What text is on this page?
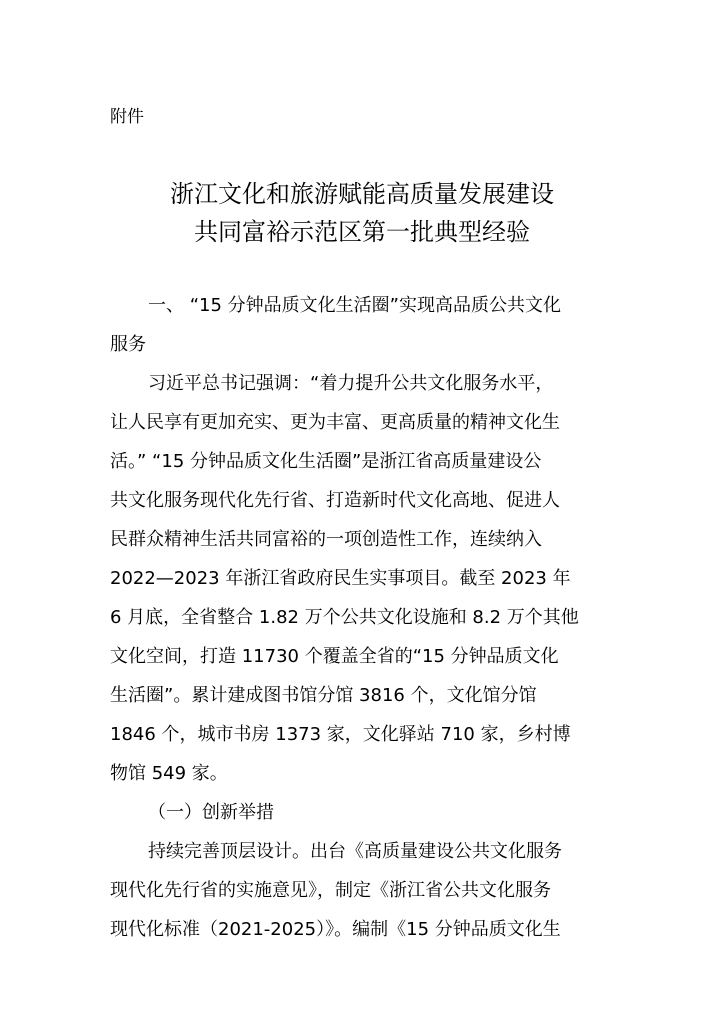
附件
浙江文化和旅游赋能高质量发展建设
共同富裕示范区第一批典型经验
一、 “15 分钟品质文化生活圈”实现高品质公共文化
服务
习近平总书记强调：“着力提升公共文化服务水平，
让人民享有更加充实、更为丰富、更高质量的精神文化生
活。” “15 分钟品质文化生活圈”是浙江省高质量建设公
共文化服务现代化先行省、打造新时代文化高地、促进人
民群众精神生活共同富裕的一项创造性工作，连续纳入
2022—2023 年浙江省政府民生实事项目。截至 2023 年
6 月底，全省整合 1.82 万个公共文化设施和 8.2 万个其他
文化空间，打造 11730 个覆盖全省的“15 分钟品质文化
生活圈”。累计建成图书馆分馆 3816 个，文化馆分馆
1846 个，城市书房 1373 家，文化驿站 710 家，乡村博
物馆 549 家。
（一）创新举措
持续完善顶层设计。出台《高质量建设公共文化服务
现代化先行省的实施意见》，制定《浙江省公共文化服务
现代化标准（2021-2025）》。编制《15 分钟品质文化生
